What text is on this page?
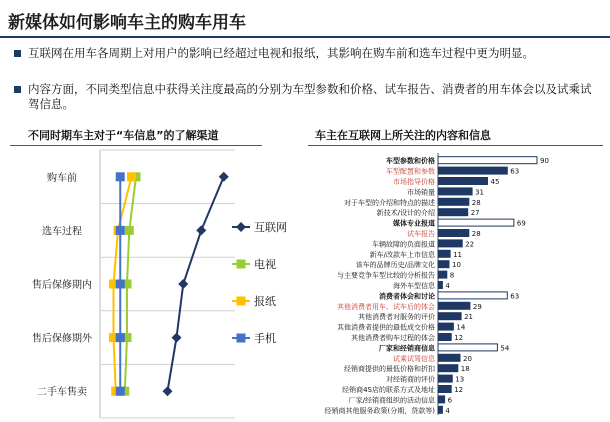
新媒体如何影响车主的购车用车
互联网在用车各周期上对用户的影响已经超过电视和报纸，其影响在购车前和选车过程中更为明显。
内容方面，不同类型信息中获得关注度最高的分别为车型参数和价格、试车报告、消费者的用车体会以及试乘试驾信息。
不同时期车主对于“车信息”的了解渠道	车主在互联网上所关注的内容和信息
购车前
选车过程
售后保修期内
售后保修期外
二手车售卖
互联网
电视
报纸
手机
车型参数和价格	90
车型配置和参数	63
市场指导价格	45
市场销量	31
对于车型的介绍和特点的描述	28
新技术/设计的介绍	27
媒体专业报道	69
试车报告	28
车辆故障的负面报道	22
新车/改款车上市信息	11
该车的品牌历史/品牌文化 10
与主要竞争车型比较的分析报告 8
海外车型信息 4
消费者体会和讨论	63
其他消费者用车、试车后的体会	29
其他消费者对服务的评价	21
其他消费者提供的最低成交价格	14
其他消费者购车过程的体会	12
厂家和经销商信息	54
试乘试驾信息	20
经销商提供的最低价格和折扣	18
对经销商的评价	13
经销商4S店的联系方式及地址	12
厂家/经销商组织的活动信息 6
经销商其他服务政策(分期，贷款等) 4
